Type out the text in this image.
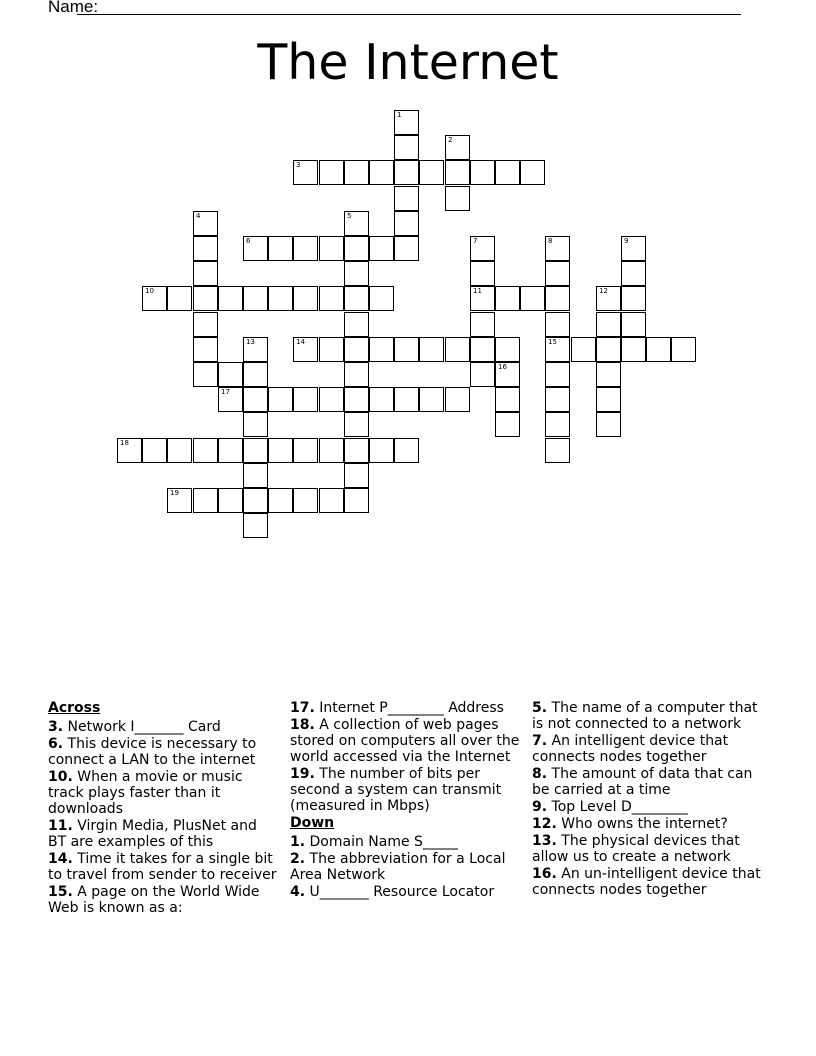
Name:
The Internet
1
2
3
4	5
6	7	8	9
10	11	12
13	14	15
16
17
18
19
Across
3. Network I_______ Card
6. This device is necessary to connect a LAN to the internet
10. When a movie or music track plays faster than it downloads
11. Virgin Media, PlusNet and BT are examples of this
14. Time it takes for a single bit to travel from sender to receiver
15. A page on the World Wide Web is known as a:
17. Internet P________ Address
18. A collection of web pages stored on computers all over the world accessed via the Internet
19. The number of bits per second a system can transmit (measured in Mbps)
Down
1. Domain Name S_____
2. The abbreviation for a Local Area Network
4. U_______ Resource Locator
5. The name of a computer that is not connected to a network
7. An intelligent device that connects nodes together
8. The amount of data that can be carried at a time
9. Top Level D________
12. Who owns the internet?
13. The physical devices that allow us to create a network
16. An un-intelligent device that connects nodes together
